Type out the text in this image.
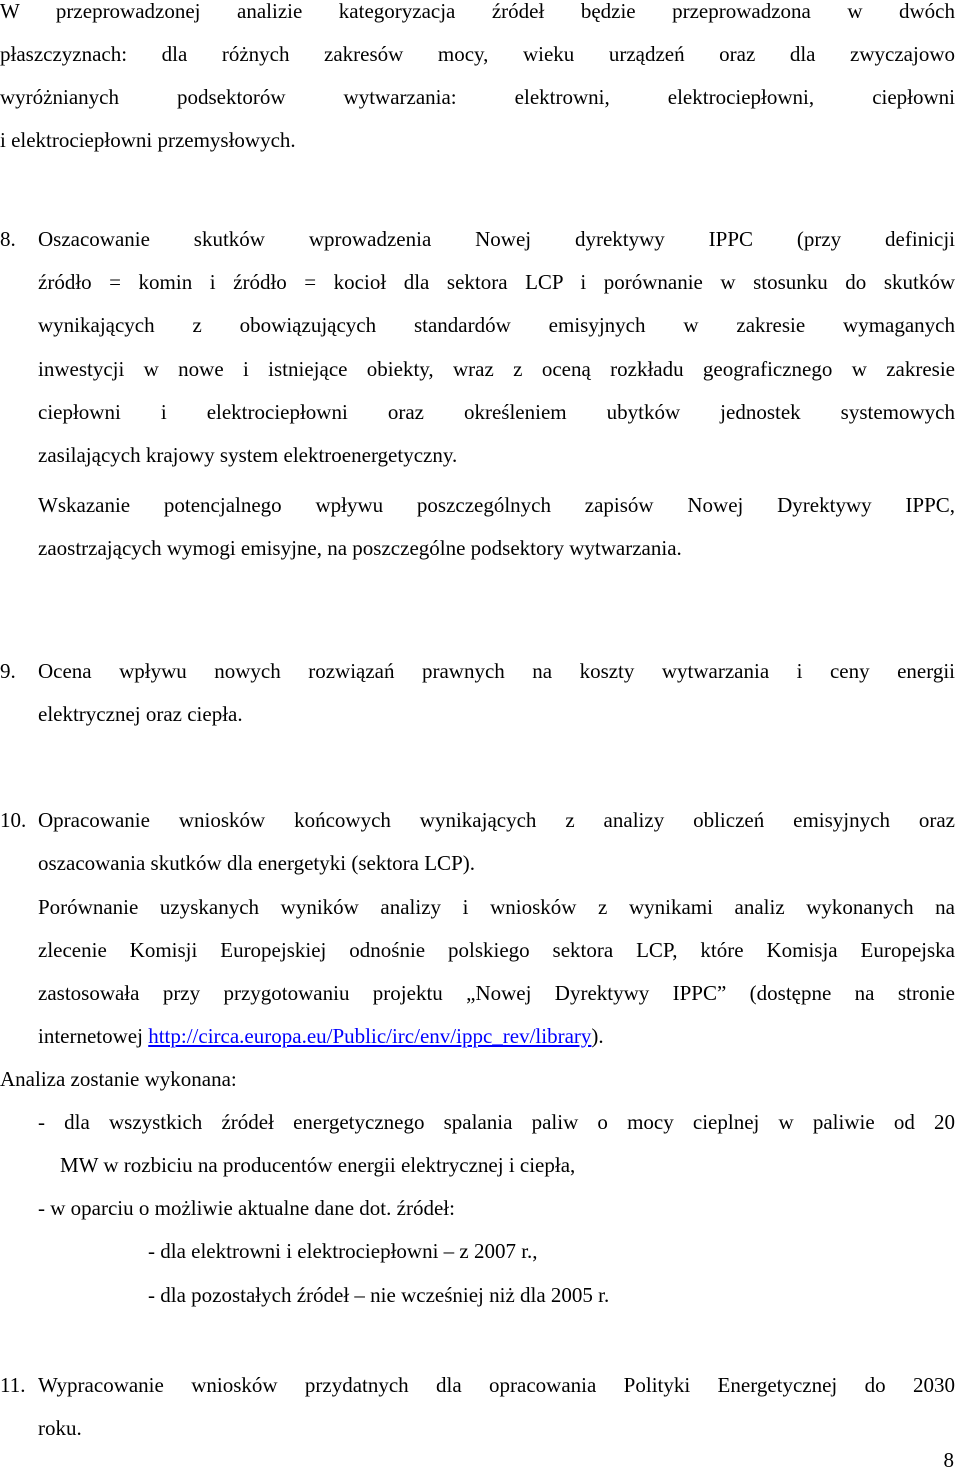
W przeprowadzonej analizie kategoryzacja źródeł będzie przeprowadzona w dwóch
płaszczyznach: dla różnych zakresów mocy, wieku urządzeń oraz dla zwyczajowo
wyróżnianych podsektorów wytwarzania: elektrowni, elektrociepłowni, ciepłowni
i elektrociepłowni przemysłowych.
8. Oszacowanie skutków wprowadzenia Nowej dyrektywy IPPC (przy definicji
źródło = komin i źródło = kocioł dla sektora LCP i porównanie w stosunku do skutków
wynikających z obowiązujących standardów emisyjnych w zakresie wymaganych
inwestycji w nowe i istniejące obiekty, wraz z oceną rozkładu geograficznego w zakresie
ciepłowni i elektrociepłowni oraz określeniem ubytków jednostek systemowych
zasilających krajowy system elektroenergetyczny.
Wskazanie potencjalnego wpływu poszczególnych zapisów Nowej Dyrektywy IPPC,
zaostrzających wymogi emisyjne, na poszczególne podsektory wytwarzania.
9. Ocena wpływu nowych rozwiązań prawnych na koszty wytwarzania i ceny energii
elektrycznej oraz ciepła.
10. Opracowanie wniosków końcowych wynikających z analizy obliczeń emisyjnych oraz
oszacowania skutków dla energetyki (sektora LCP).
Porównanie uzyskanych wyników analizy i wniosków z wynikami analiz wykonanych na
zlecenie Komisji Europejskiej odnośnie polskiego sektora LCP, które Komisja Europejska
zastosowała przy przygotowaniu projektu „Nowej Dyrektywy IPPC” (dostępne na stronie
internetowej http://circa.europa.eu/Public/irc/env/ippc_rev/library).
Analiza zostanie wykonana:
- dla wszystkich źródeł energetycznego spalania paliw o mocy cieplnej w paliwie od 20
MW w rozbiciu na producentów energii elektrycznej i ciepła,
- w oparciu o możliwie aktualne dane dot. źródeł:
- dla elektrowni i elektrociepłowni – z 2007 r.,
- dla pozostałych źródeł – nie wcześniej niż dla 2005 r.
11. Wypracowanie wniosków przydatnych dla opracowania Polityki Energetycznej do 2030
roku.
8
